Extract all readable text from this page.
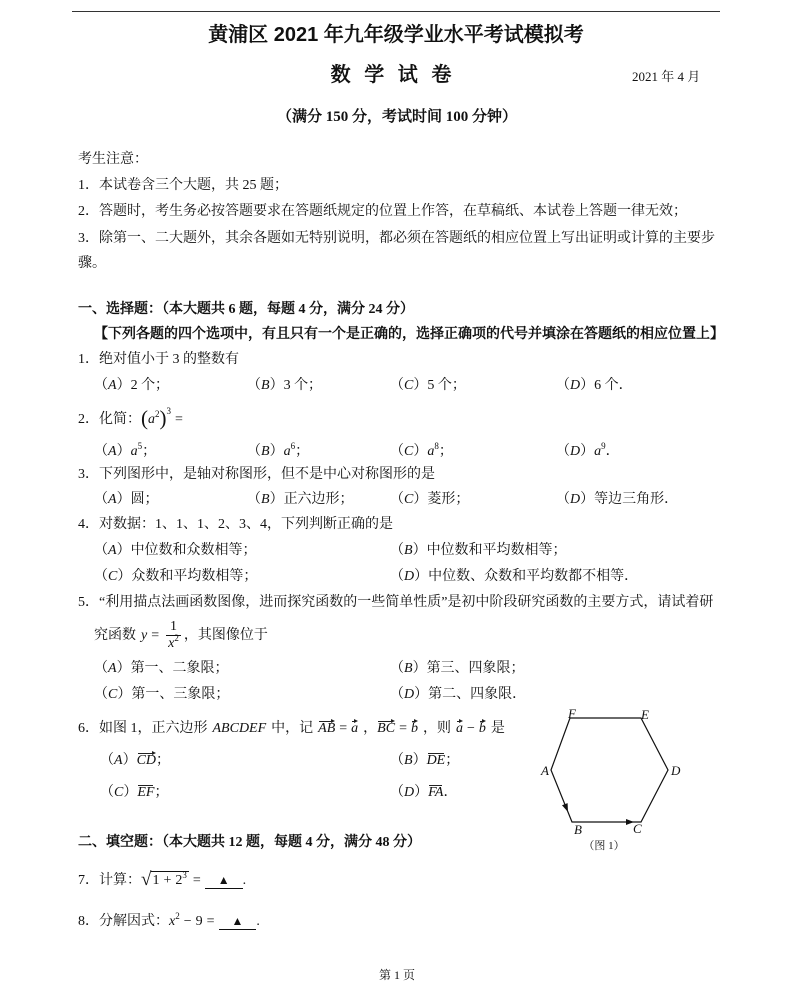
黄浦区 2021 年九年级学业水平考试模拟考
数 学 试 卷	2021 年 4 月
（满分 150 分，考试时间 100 分钟）
考生注意：
1．本试卷含三个大题，共 25 题；
2．答题时，考生务必按答题要求在答题纸规定的位置上作答，在草稿纸、本试卷上答题一律无效；
3．除第一、二大题外，其余各题如无特别说明，都必须在答题纸的相应位置上写出证明或计算的主要步
骤。
一、选择题：（本大题共 6 题，每题 4 分，满分 24 分）
【下列各题的四个选项中，有且只有一个是正确的，选择正确项的代号并填涂在答题纸的相应位置上】
1．绝对值小于 3 的整数有
（A）2 个；	（B）3 个；	（C）5 个；	（D）6 个．
2．化简：$(a^2)^3=$
$(A)a^5$；	$(B)a^6$；	$(C)a^8$；	$(D)a^9$．
3．下列图形中，是轴对称图形，但不是中心对称图形的是
（A）圆；	（B）正六边形；	（C）菱形；	（D）等边三角形．
4．对数据：1、1、1、2、3、4，下列判断正确的是
（A）中位数和众数相等；	（B）中位数和平均数相等；
（C）众数和平均数相等；	（D）中位数、众数和平均数都不相等．
5．“利用描点法画函数图像，进而探究函数的一些简单性质”是初中阶段研究函数的主要方式，请试着研
究函数 $y = \frac{1}{x^2}$ ，其图像位于
（A）第一、二象限；	（B）第三、四象限；
（C）第一、三象限；	（D）第二、四象限．
6．如图 1，正六边形 ABCDEF 中，记 AB = a ，BC = b ，则 a − b 是
（A）CD；	（B）DE；
（C）EF；	（D）FA．
A
B	C
D
E
F
（图 1）
二、填空题：（本大题共 12 题，每题 4 分，满分 48 分）
7．计算：$√1 + 2^3$ = ▲ .
8．分解因式：$x^2 - 9$ = ▲ .
第 1 页
